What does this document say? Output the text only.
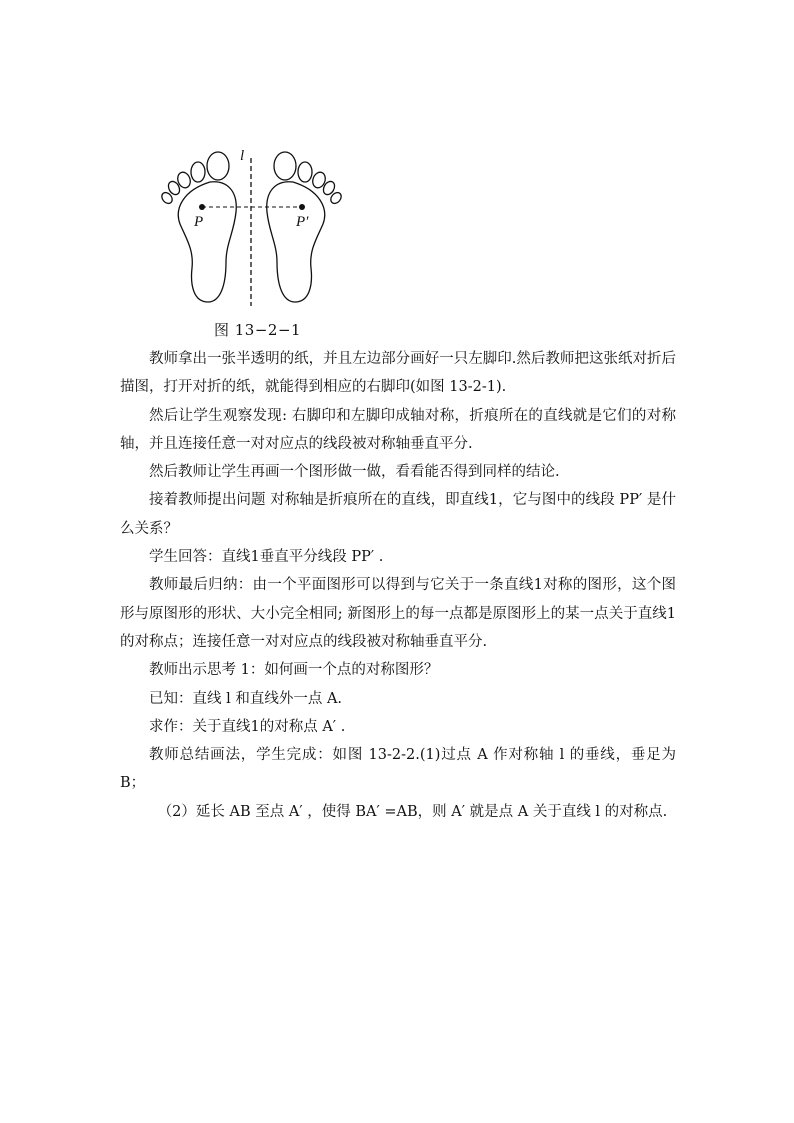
l
P	P′
图 13−2−1

教师拿出一张半透明的纸，并且左边部分画好一只左脚印.然后教师把这张纸对折后描图，打开对折的纸，就能得到相应的右脚印(如图 13-2-1).

然后让学生观察发现: 右脚印和左脚印成轴对称，折痕所在的直线就是它们的对称轴，并且连接任意一对对应点的线段被对称轴垂直平分.

然后教师让学生再画一个图形做一做，看看能否得到同样的结论.

接着教师提出问题 对称轴是折痕所在的直线，即直线1，它与图中的线段 PP′ 是什么关系？

学生回答：直线1垂直平分线段 PP′ .

教师最后归纳：由一个平面图形可以得到与它关于一条直线1对称的图形，这个图形与原图形的形状、大小完全相同; 新图形上的每一点都是原图形上的某一点关于直线1的对称点；连接任意一对对应点的线段被对称轴垂直平分.

教师出示思考 1：如何画一个点的对称图形？

已知：直线 l 和直线外一点 A.

求作：关于直线1的对称点 A′ .

教师总结画法，学生完成：如图 13-2-2.(1)过点 A 作对称轴 l 的垂线，垂足为 B；

（2）延长 AB 至点 A′ ，使得 BA′ =AB，则 A′ 就是点 A 关于直线 l 的对称点.
